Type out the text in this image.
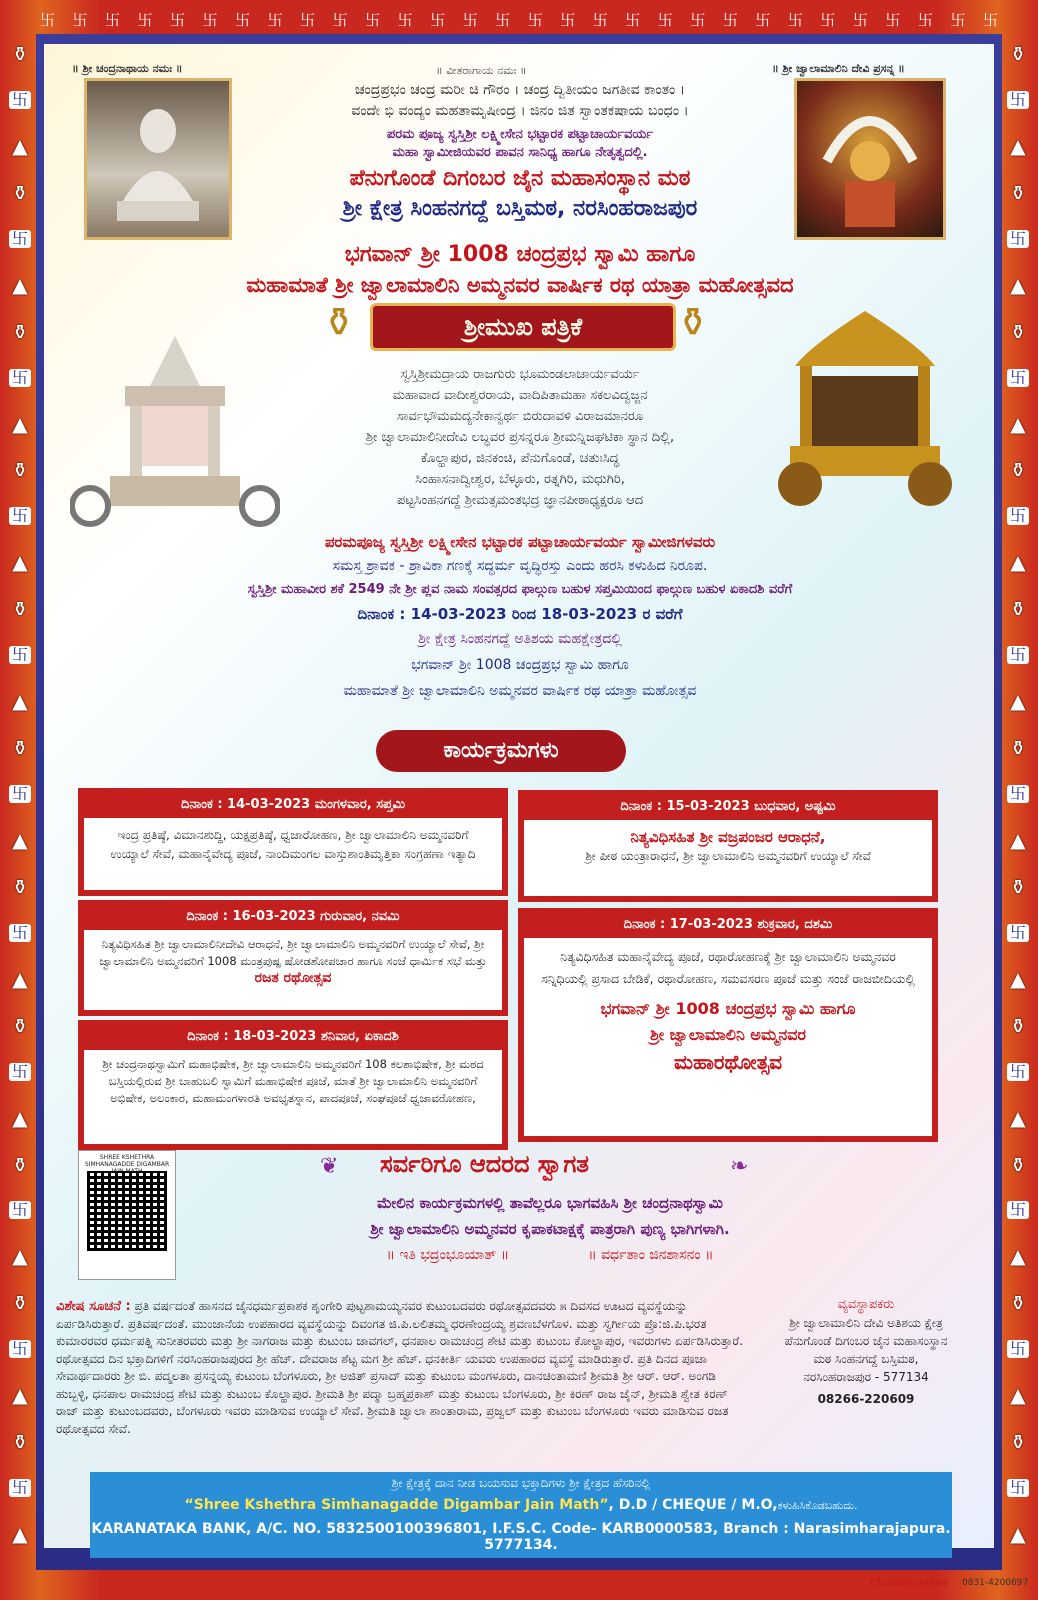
卐 卐 卐 卐 卐 卐 卐 卐 卐 卐 卐 卐 卐 卐 卐 卐 卐 卐 卐 卐 卐 卐 卐 卐 卐 卐 卐 卐 卐 卐
⚱
卐
▲
⚱
卐
▲
⚱
卐
▲
⚱
卐
▲
⚱
卐
▲
⚱
卐
▲
⚱
卐
▲
⚱
卐
▲
⚱
卐
▲
⚱
卐
▲
⚱
卐
▲
⚱
卐
▲
⚱
卐
▲
⚱
卐
▲
⚱
卐
▲
⚱
卐
▲
⚱
卐
▲
⚱
卐
▲
⚱
卐
▲
⚱
卐
▲
⚱
卐
▲
⚱
卐
▲
॥ ಶ್ರೀ ಚಂದ್ರನಾಥಾಯ ನಮಃ ॥	॥ ವೀತರಾಗಾಯ ನಮಃ ॥	॥ ಶ್ರೀ ಜ್ವಾಲಾಮಾಲಿನಿ ದೇವಿ ಪ್ರಸನ್ನ ॥
ಚಂದ್ರಪ್ರಭಂ ಚಂದ್ರ ಮರೀ ಚಿ ಗೌರಂ । ಚಂದ್ರ ದ್ವಿತೀಯಂ ಜಗತೀವ ಕಾಂತಂ ।
ವಂದೇ ಭಿ ವಂದ್ಯಂ ಮಹತಾಮೃಷೀಂದ್ರ । ಜಿನಂ ಜಿತ ಸ್ವಾಂತಕಷಾಯ ಬಂಧಂ ।
ಪರಮ ಪೂಜ್ಯ ಸ್ವಸ್ತಿಶ್ರೀ ಲಕ್ಷ್ಮೀಸೇನ ಭಟ್ಟಾರಕ ಪಟ್ಟಾಚಾರ್ಯವರ್ಯ
ಮಹಾ ಸ್ವಾಮೀಜಿಯವರ ಪಾವನ ಸಾನಿಧ್ಯ ಹಾಗೂ ನೇತೃತ್ವದಲ್ಲಿ.
ಪೆನುಗೊಂಡೆ ದಿಗಂಬರ ಜೈನ ಮಹಾಸಂಸ್ಥಾನ ಮಠ
ಶ್ರೀ ಕ್ಷೇತ್ರ ಸಿಂಹನಗದ್ದೆ ಬಸ್ತಿಮಠ, ನರಸಿಂಹರಾಜಪುರ
ಭಗವಾನ್ ಶ್ರೀ 1008 ಚಂದ್ರಪ್ರಭ ಸ್ವಾಮಿ ಹಾಗೂ
ಮಹಾಮಾತೆ ಶ್ರೀ ಜ್ವಾಲಾಮಾಲಿನಿ ಅಮ್ಮನವರ ವಾರ್ಷಿಕ ರಥ ಯಾತ್ರಾ ಮಹೋತ್ಸವದ
⚱	ಶ್ರೀಮುಖ ಪತ್ರಿಕೆ	⚱
ಸ್ವಸ್ತಿಶ್ರೀಮದ್ರಾಯ ರಾಜಗುರು ಭೂಮಂಡಲಾಚಾರ್ಯವರ್ಯ
ಮಹಾವಾದ ವಾದೀಶ್ವರರಾಯ, ವಾದಿಪಿತಾಮಹಾ ಸಕಲವಿದ್ವಜ್ಜನ
ಸಾರ್ವಭೌಮಮದ್ಯನೇಕಾನ್ವರ್ಥ ಬಿರುದಾವಳಿ ವಿರಾಜಮಾನರೂ
ಶ್ರೀ ಜ್ವಾಲಾಮಾಲಿನೀದೇವಿ ಲಬ್ಧವರ ಪ್ರಸನ್ನರೂ ಶ್ರೀಮನ್ನಿಜಘಟಿಕಾ ಸ್ಥಾನ ದಿಲ್ಲಿ,
ಕೊಲ್ಹಾಪುರ, ಜಿನಕಂಚಿ, ಪೆನುಗೊಂಡೆ, ಚತುಃಸಿದ್ಧ
ಸಿಂಹಾಸನಾದ್ವೀಶ್ವರ, ಬೆಳ್ಳೂರು, ರತ್ನಗಿರಿ, ಮಧುಗಿರಿ,
ಪಟ್ಟಸಿಂಹನಗದ್ದೆ ಶ್ರೀಮತ್ಸಮಂತಭದ್ರ ಜ್ಞಾನಪೀಠಾಧ್ಯಕ್ಷರೂ ಆದ
ಪರಮಪೂಜ್ಯ ಸ್ವಸ್ತಿಶ್ರೀ ಲಕ್ಷ್ಮೀಸೇನ ಭಟ್ಟಾರಕ ಪಟ್ಟಾಚಾರ್ಯವರ್ಯ ಸ್ವಾಮೀಜಿಗಳವರು
ಸಮಸ್ತ ಶ್ರಾವಕ - ಶ್ರಾವಿಕಾ ಗಣಕ್ಕೆ ಸದ್ಧರ್ಮ ವೃದ್ಧಿರಸ್ತು ಎಂದು ಹರಸಿ ಕಳುಹಿದ ನಿರೂಪ.
ಸ್ವಸ್ತಿಶ್ರೀ ಮಹಾವೀರ ಶಕೆ 2549 ನೇ ಶ್ರೀ ಪ್ಲವ ನಾಮ ಸಂವತ್ಸರದ ಫಾಲ್ಗುಣ ಬಹುಳ ಸಪ್ತಮಿಯಿಂದ ಫಾಲ್ಗುಣ ಬಹುಳ ಏಕಾದಶಿ ವರೆಗೆ
ದಿನಾಂಕ : 14-03-2023 ರಿಂದ 18-03-2023 ರ ವರೆಗೆ
ಶ್ರೀ ಕ್ಷೇತ್ರ ಸಿಂಹನಗದ್ದೆ ಅತಿಶಯ ಮಹಕ್ಷೇತ್ರದಲ್ಲಿ
ಭಗವಾನ್ ಶ್ರೀ 1008 ಚಂದ್ರಪ್ರಭ ಸ್ವಾಮಿ ಹಾಗೂ
ಮಹಾಮಾತೆ ಶ್ರೀ ಜ್ವಾಲಾಮಾಲಿನಿ ಅಮ್ಮನವರ ವಾರ್ಷಿಕ ರಥ ಯಾತ್ರಾ ಮಹೋತ್ಸವ
ಕಾರ್ಯಕ್ರಮಗಳು
ದಿನಾಂಕ : 14-03-2023 ಮಂಗಳವಾರ, ಸಪ್ತಮಿ
ಇಂದ್ರ ಪ್ರತಿಷ್ಠೆ, ವಿಮಾನಶುದ್ಧಿ, ಯಕ್ಷಪ್ರತಿಷ್ಠೆ, ಧ್ವಜಾರೋಹಣ, ಶ್ರೀ ಜ್ವಾಲಾಮಾಲಿನಿ ಅಮ್ಮನವರಿಗೆ ಉಯ್ಯಾಲೆ ಸೇವೆ, ಮಹಾನೈವೇದ್ಯ ಪೂಜೆ, ನಾಂದಿಮಂಗಲ ವಾಸ್ತುಶಾಂತಿಮೃತ್ತಿಕಾ ಸಂಗ್ರಹಣಾ ಇತ್ಯಾದಿ
ದಿನಾಂಕ : 16-03-2023 ಗುರುವಾರ, ನವಮಿ
ನಿತ್ಯವಿಧಿಸಹಿತ ಶ್ರೀ ಜ್ವಾಲಾಮಾಲಿನೀದೇವಿ ಆರಾಧನೆ, ಶ್ರೀ ಜ್ವಾಲಾಮಾಲಿನಿ ಅಮ್ಮನವರಿಗೆ ಉಯ್ಯಾಲೆ ಸೇವೆ, ಶ್ರೀ ಜ್ವಾಲಾಮಾಲಿನಿ ಅಮ್ಮನವರಿಗೆ 1008 ಮಂತ್ರಪುಷ್ಪ ಷೋಡಶೋಪಚಾರ ಹಾಗೂ ಸಂಜೆ ಧಾರ್ಮಿಕ ಸಭೆ ಮತ್ತು
ರಜತ ರಥೋತ್ಸವ
ದಿನಾಂಕ : 18-03-2023 ಶನಿವಾರ, ಏಕಾದಶಿ
ಶ್ರೀ ಚಂದ್ರನಾಥಸ್ವಾಮಿಗೆ ಮಹಾಭಿಷೇಕ, ಶ್ರೀ ಜ್ವಾಲಾಮಾಲಿನಿ ಅಮ್ಮನವರಿಗೆ 108 ಕಲಶಾಭಿಷೇಕ, ಶ್ರೀ ಮಠದ ಬಸ್ತಿಯಲ್ಲಿರುವ ಶ್ರೀ ಬಾಹುಬಲಿ ಸ್ವಾಮಿಗೆ ಮಹಾಭಿಷೇಕ ಪೂಜೆ, ಮಾತೆ ಶ್ರೀ ಜ್ವಾಲಾಮಾಲಿನಿ ಅಮ್ಮನವರಿಗೆ ಅಭಿಷೇಕ, ಅಲಂಕಾರ, ಮಹಾಮಂಗಳಾರತಿ ಅವಭೃತಸ್ನಾನ, ಪಾದಪೂಜೆ, ಸಂಘಪೂಜೆ ಧ್ವಜಾವರೋಹಣ,
ದಿನಾಂಕ : 15-03-2023 ಬುಧವಾರ, ಅಷ್ಟಮಿ
ನಿತ್ಯವಿಧಿಸಹಿತ ಶ್ರೀ ವಜ್ರಪಂಜರ ಆರಾಧನೆ,
ಶ್ರೀ ಪೀಠ ಯಂತ್ರಾರಾಧನೆ, ಶ್ರೀ ಜ್ವಾಲಾಮಾಲಿನಿ ಅಮ್ಮನವರಿಗೆ ಉಯ್ಯಾಲೆ ಸೇವೆ
ದಿನಾಂಕ : 17-03-2023 ಶುಕ್ರವಾರ, ದಶಮಿ
ನಿತ್ಯವಿಧಿಸಹಿತ ಮಹಾನೈವೇದ್ಯ ಪೂಜೆ, ರಥಾರೋಹಣಕ್ಕೆ ಶ್ರೀ ಜ್ವಾಲಾಮಾಲಿನಿ ಅಮ್ಮನವರ ಸನ್ನಿಧಿಯಲ್ಲಿ ಪ್ರಸಾದ ಬೇಡಿಕೆ, ರಥಾರೋಹಣ, ಸಮವಸರಣ ಪೂಜೆ ಮತ್ತು ಸಂಜೆ ರಾಜಬೀದಿಯಲ್ಲಿ
ಭಗವಾನ್ ಶ್ರೀ 1008 ಚಂದ್ರಪ್ರಭ ಸ್ವಾಮಿ ಹಾಗೂ
ಶ್ರೀ ಜ್ವಾಲಾಮಾಲಿನಿ ಅಮ್ಮನವರ
ಮಹಾರಥೋತ್ಸವ
SHREE KSHETHRA SIMHANAGADDE DIGAMBAR	❦ ಸರ್ವರಿಗೂ ಆದರದ ಸ್ವಾಗತ	❧
ಮೇಲಿನ ಕಾರ್ಯಕ್ರಮಗಳಲ್ಲಿ ತಾವೆಲ್ಲರೂ ಭಾಗವಹಿಸಿ ಶ್ರೀ ಚಂದ್ರನಾಥಸ್ವಾಮಿ
ಶ್ರೀ ಜ್ವಾಲಾಮಾಲಿನಿ ಅಮ್ಮನವರ ಕೃಪಾಕಟಾಕ್ಷಕ್ಕೆ ಪಾತ್ರರಾಗಿ ಪುಣ್ಯ ಭಾಗಿಗಳಾಗಿ.
॥ ಇತಿ ಭದ್ರಂಭೂಯಾತ್ ॥	॥ ವರ್ಧತಾಂ ಜಿನಶಾಸನಂ ॥
ವಿಶೇಷ ಸೂಚನೆ : ಪ್ರತಿ ವರ್ಷದಂತೆ ಹಾಸನದ ಜೈನಧರ್ಮಪ್ರಕಾಶಕ ಶೃಂಗೇರಿ ಪುಟ್ಟಶಾಮಯ್ಯನವರ ಕುಟುಂಬದವರು ರಥೋತ್ಸವದವರು ೫ ದಿವಸದ ಊಟದ ವ್ಯವಸ್ಥೆಯನ್ನು ಏರ್ಪಡಿಸಿರುತ್ತಾರೆ. ಪ್ರತಿವರ್ಷದಂತೆ. ಮುಂಜಾನೆಯ ಉಪಹಾರದ ವ್ಯವಸ್ಥೆಯನ್ನು ದಿವಂಗತ ಜಿ.ಪಿ.ಲಲಿತಮ್ಮ ಧರಣೇಂದ್ರಯ್ಯ ಶ್ರವಣಬೆಳಗೊಳ. ಮತ್ತು ಸ್ವರ್ಗೀಯ ಪ್ರೊ:ಜಿ.ಪಿ.ಭರತ ಕುಮಾರರವರ ಧರ್ಮಪತ್ನಿ ಸುನೀತರವರು ಮತ್ತು ಶ್ರೀ ನಾಗರಾಜ ಮತ್ತು ಕುಟುಂಬ ಜಾವಗಲ್, ಧನಪಾಲ ರಾಮಚಂದ್ರ ಶೇಟಿ ಮತ್ತು ಕುಟುಂಬ ಕೋಲ್ಹಾಪುರ, ಇವರುಗಳು ಏರ್ಪಡಿಸಿರುತ್ತಾರೆ. ರಥೋತ್ಸವದ ದಿನ ಭಕ್ತಾದಿಗಳಿಗೆ ನರಸಿಂಹರಾಜಪುರದ ಶ್ರೀ ಹೆಚ್. ದೇವರಾಜ ಶೆಟ್ಟ ಮಗ ಶ್ರೀ ಹೆಚ್. ಧನಕೀರ್ತಿ ಯವರು ಉಪಹಾರದ ವ್ಯವಸ್ಥೆ ಮಾಡಿರುತ್ತಾರೆ. ಪ್ರತಿ ದಿನದ ಪೂಜಾ ಸೇವಾರ್ಥದಾರರು ಶ್ರೀ ಬಿ. ಪದ್ಮಲತಾ ಪ್ರಸನ್ನಯ್ಯ ಕುಟುಂಬ ಬೆಂಗಳೂರು, ಶ್ರೀ ಅಜಿತ್ ಪ್ರಸಾದ್ ಮತ್ತು ಕುಟುಂಬ ಮಂಗಳೂರು, ದಾನಚಿಂತಾಮಣಿ ಶ್ರೀಮತಿ ಶ್ರೀ ಆರ್. ಆರ್. ಅಂಗಡಿ ಹುಬ್ಬಳ್ಳಿ, ಧನಪಾಲ ರಾಮಚಂದ್ರ ಶೇಟಿ ಮತ್ತು ಕುಟುಂಬ ಕೊಲ್ಹಾಪುರ. ಶ್ರೀಮತಿ ಶ್ರೀ ಪದ್ಮಾ ಬ್ರಹ್ಮಪ್ರಕಾಶ್ ಮತ್ತು ಕುಟುಂಬ ಬೆಂಗಳೂರು, ಶ್ರೀ ಕಿರಣ್ ರಾಜ ಜೈನ್, ಶ್ರೀಮತಿ ಶ್ವೇತ ಕಿರಣ್ ರಾಜ್ ಮತ್ತು ಕುಟುಂಬದವರು, ಬೆಂಗಳೂರು ಇವರು ಮಾಡಿಸುವ ಉಯ್ಯಾಲೆ ಸೇವೆ. ಶ್ರೀಮತಿ ಜ್ವಾಲಾ ಶಾಂತಾರಾಮ, ಪ್ರಜ್ವಲ್ ಮತ್ತು ಕುಟುಂಬ ಬೆಂಗಳೂರು ಇವರು ಮಾಡಿಸುವ ರಜತ ರಥೋತ್ಸವದ ಸೇವೆ.
ವ್ಯವಸ್ಥಾಪಕರು
ಶ್ರೀ ಜ್ವಾಲಾಮಾಲಿನಿ ದೇವಿ ಅತಿಶಯ ಕ್ಷೇತ್ರ
ಪೆನುಗೊಂಡೆ ದಿಗಂಬರ ಜೈನ ಮಹಾಸಂಸ್ಥಾನ
ಮಠ ಸಿಂಹನಗದ್ದೆ ಬಸ್ತಿಮಠ,
ನರಸಿಂಹರಾಜಪುರ - 577134
08266-220609
ಶ್ರೀ ಕ್ಷೇತ್ರಕ್ಕೆ ದಾನ ನೀಡ ಬಯಸುವ ಭಕ್ತಾದಿಗಳು ಶ್ರೀ ಕ್ಷೇತ್ರದ ಹೆಸರಿನಲ್ಲಿ
“Shree Kshethra Simhanagadde Digambar Jain Math”, D.D / CHEQUE / M.O,ಕಳುಹಿಸಿಕೊಡಬಹುದು.
KARANATAKA BANK, A/C. NO. 5832500100396801, I.F.S.C. Code- KARB0000583, Branch : Narasimharajapura. 5777134.
Chandraprabha 0831-4200697
